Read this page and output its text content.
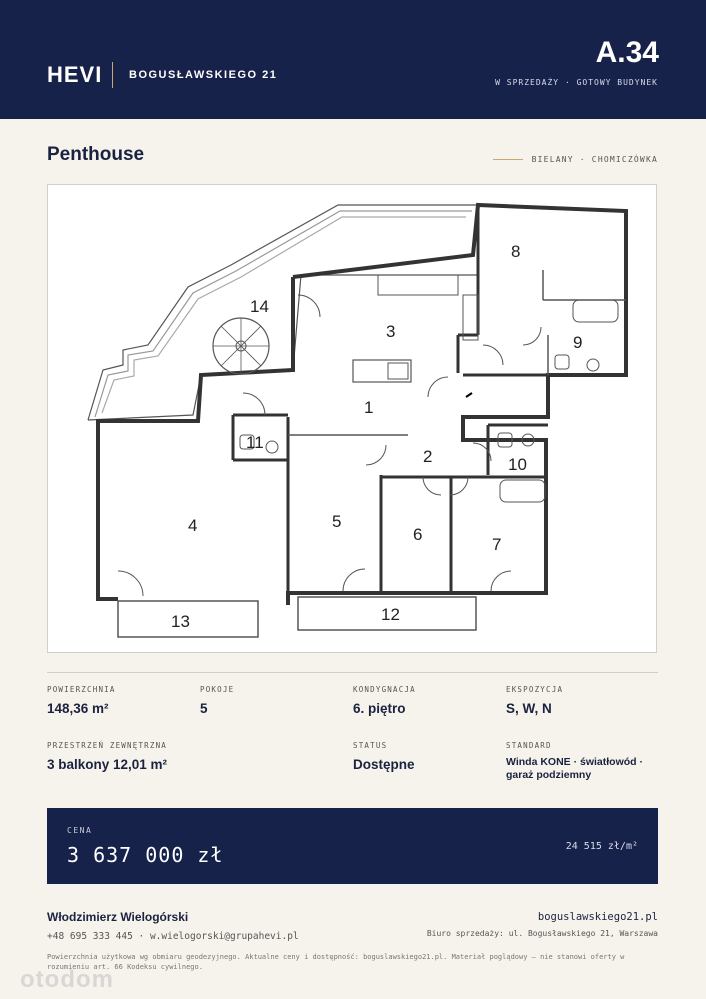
HEVI BOGUSŁAWSKIEGO 21
A.34
W SPRZEDAŻY · GOTOWY BUDYNEK
Penthouse	BIELANY · CHOMICZÓWKA
1
2
3
4	5
6
7
8
9
10
11
12
13
14
POWIERZCHNIA
148,36 m²
POKOJE
5
KONDYGNACJA
6. piętro
EKSPOZYCJA
S, W, N
PRZESTRZEŃ ZEWNĘTRZNA
3 balkony 12,01 m²
STATUS
Dostępne
STANDARD
Winda KONE · światłowód · garaż podziemny
CENA
3 637 000 zł	24 515 zł/m²
Włodzimierz Wielogórski
+48 695 333 445 · w.wielogorski@grupahevi.pl
boguslawskiego21.pl
Biuro sprzedaży: ul. Bogusławskiego 21, Warszawa
Powierzchnia użytkowa wg obmiaru geodezyjnego. Aktualne ceny i dostępność: boguslawskiego21.pl. Materiał poglądowy — nie stanowi oferty w rozumieniu art. 66 Kodeksu cywilnego.
otodom
